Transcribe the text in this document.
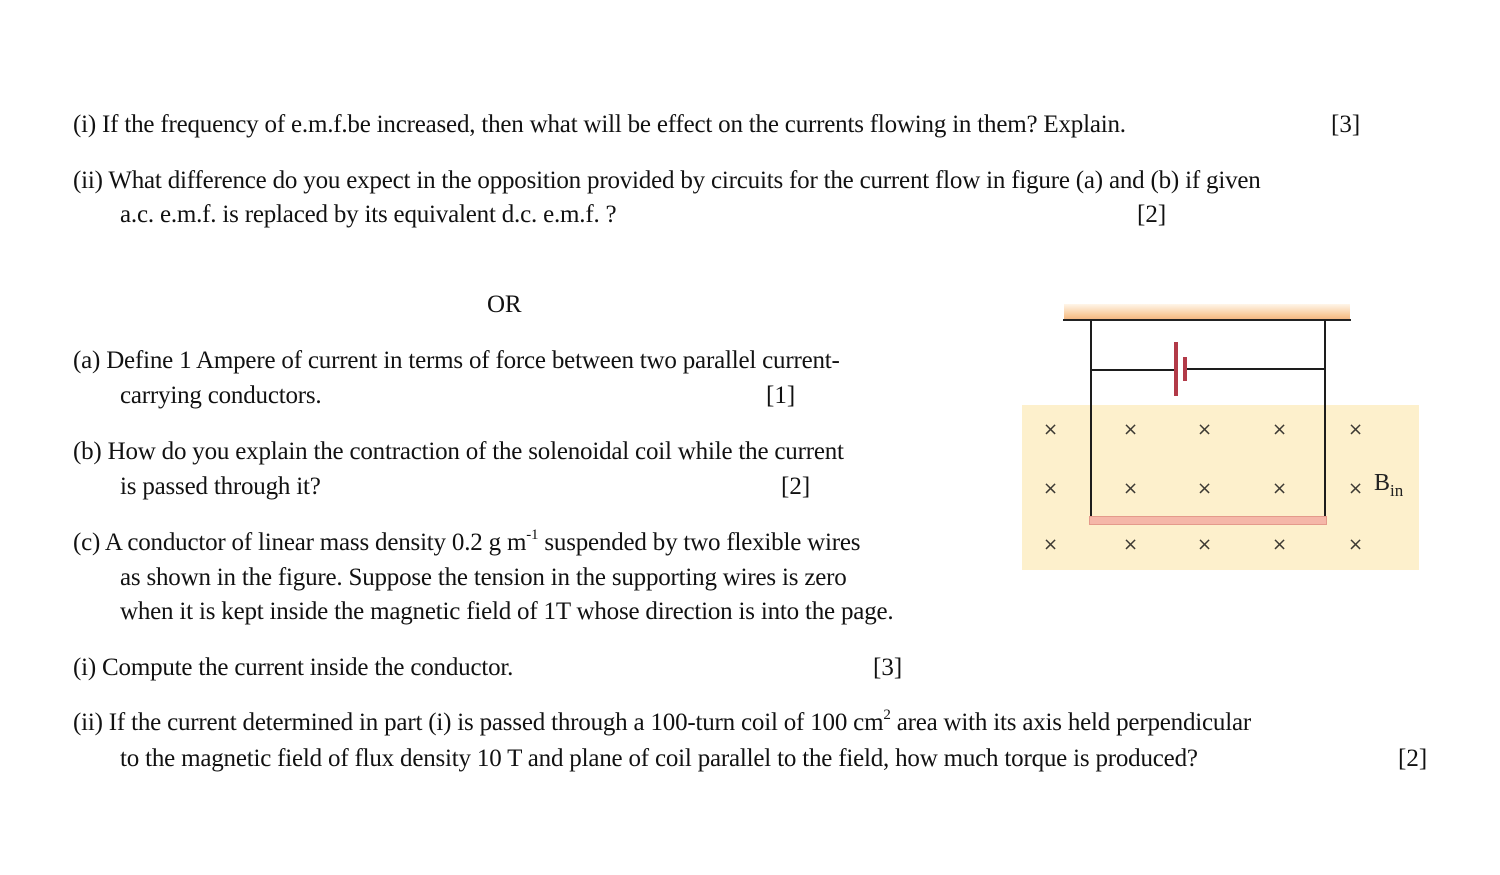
(i) If the frequency of e.m.f.be increased, then what will be effect on the currents flowing in them? Explain.	[3]
(ii) What difference do you expect in the opposition provided by circuits for the current flow in figure (a) and (b) if given
a.c. e.m.f. is replaced by its equivalent d.c. e.m.f. ?	[2]
OR
(a) Define 1 Ampere of current in terms of force between two parallel current-
carrying conductors.	[1]
(b) How do you explain the contraction of the solenoidal coil while the current
is passed through it?	[2]
(c) A conductor of linear mass density 0.2 g $m^{-1}$ suspended by two flexible wires
as shown in the figure. Suppose the tension in the supporting wires is zero
when it is kept inside the magnetic field of 1T whose direction is into the page.
(i) Compute the current inside the conductor.	[3]
(ii) If the current determined in part (i) is passed through a 100-turn coil of 100 $cm^2$ area with its axis held perpendicular
to the magnetic field of flux density 10 T and plane of coil parallel to the field, how much torque is produced?	[2]
×	×	×	×	×
×	×	×	×	×
×	×	×	×	×
$B_{in}$
